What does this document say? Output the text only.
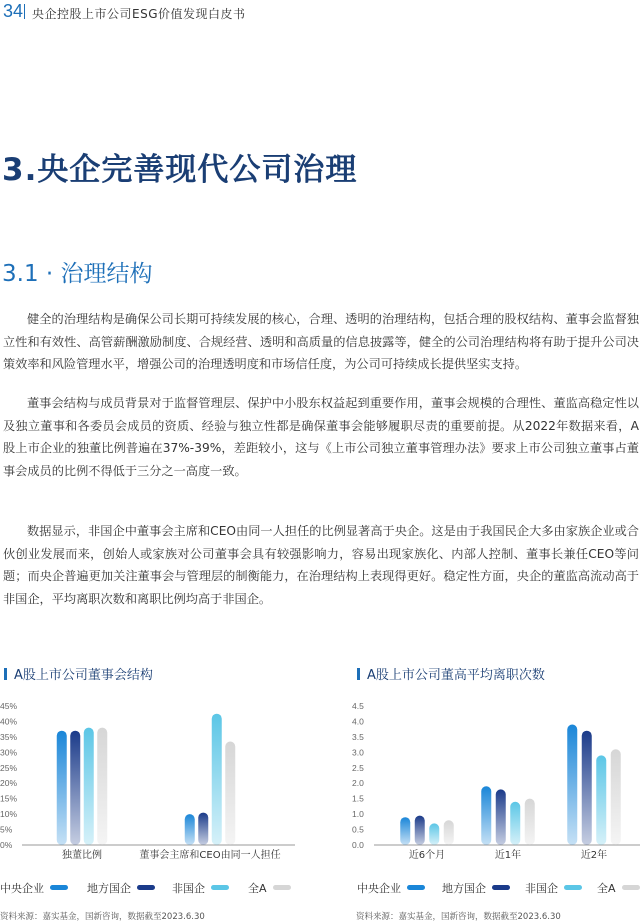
34 央企控股上市公司ESG价值发现白皮书
3.央企完善现代公司治理
3.1 · 治理结构

健全的治理结构是确保公司长期可持续发展的核心，合理、透明的治理结构，包括合理的股权结构、董事会监督独立性和有效性、高管薪酬激励制度、合规经营、透明和高质量的信息披露等，健全的公司治理结构将有助于提升公司决策效率和风险管理水平，增强公司的治理透明度和市场信任度，为公司可持续成长提供坚实支持。

董事会结构与成员背景对于监督管理层、保护中小股东权益起到重要作用，董事会规模的合理性、董监高稳定性以及独立董事和各委员会成员的资质、经验与独立性都是确保董事会能够履职尽责的重要前提。从2022年数据来看，A股上市企业的独董比例普遍在37%-39%，差距较小，这与《上市公司独立董事管理办法》要求上市公司独立董事占董事会成员的比例不得低于三分之一高度一致。

数据显示，非国企中董事会主席和CEO由同一人担任的比例显著高于央企。这是由于我国民企大多由家族企业或合伙创业发展而来，创始人或家族对公司董事会具有较强影响力，容易出现家族化、内部人控制、董事长兼任CEO等问题；而央企普遍更加关注董事会与管理层的制衡能力，在治理结构上表现得更好。稳定性方面，央企的董监高流动高于非国企，平均离职次数和离职比例均高于非国企。

A股上市公司董事会结构	A股上市公司董高平均离职次数
0%
5%
10%
15%
20%
25%
30%
35%
40%
45%
独董比例	董事会主席和CEO由同一人担任
0.0
0.5
1.0
1.5
2.0
2.5
3.0
3.5
4.0
4.5
近6个月	近1年	近2年
中央企业	地方国企	非国企	全A	中央企业	地方国企	非国企	全A
资料来源：嘉实基金，国新咨询，数据截至2023.6.30	资料来源：嘉实基金，国新咨询，数据截至2023.6.30
